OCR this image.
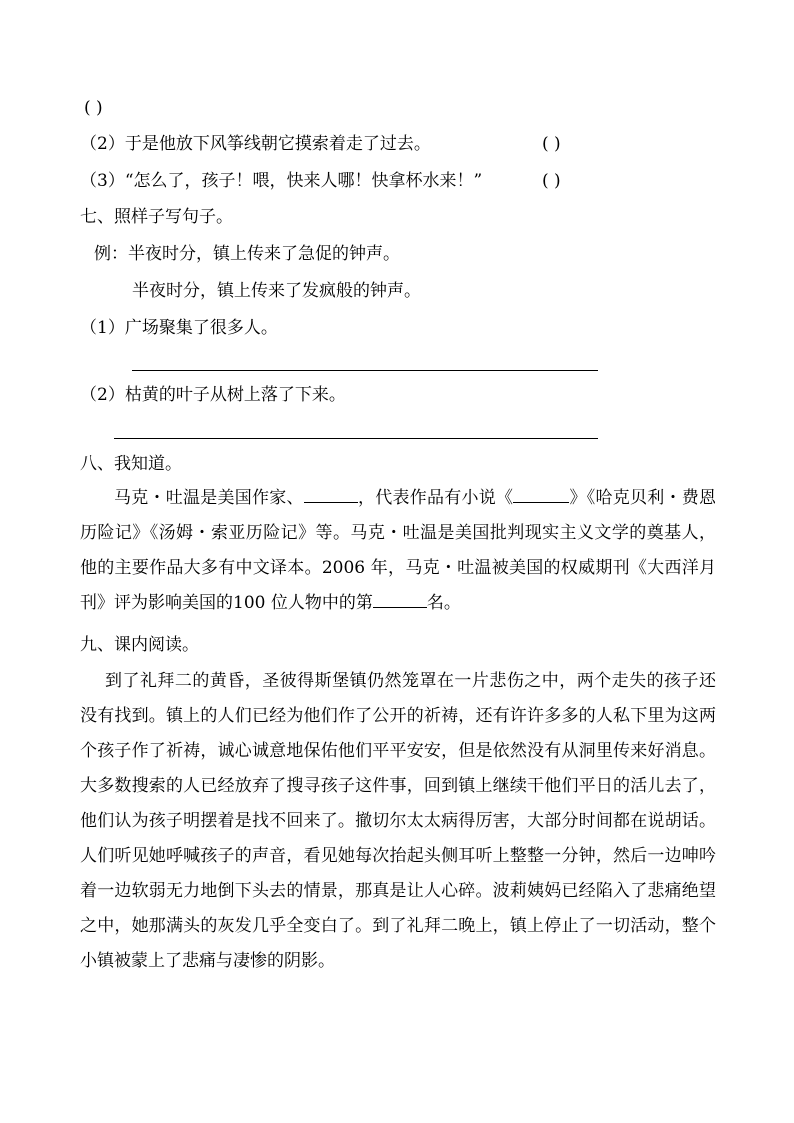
( )
（2）于是他放下风筝线朝它摸索着走了过去。	( )
（3）“怎么了，孩子！喂，快来人哪！快拿杯水来！”	( )
七、照样子写句子。
例：半夜时分，镇上传来了急促的钟声。
半夜时分，镇上传来了发疯般的钟声。
（1）广场聚集了很多人。
（2）枯黄的叶子从树上落了下来。
八、我知道。
马克・吐温是美国作家、	，代表作品有小说《	》《哈克贝利・费恩历险记》《汤姆・索亚历险记》等。马克・吐温是美国批判现实主义文学的奠基人，他的主要作品大多有中文译本。2006 年，马克・吐温被美国的权威期刊《大西洋月刊》评为影响美国的100 位人物中的第	名。
九、课内阅读。
到了礼拜二的黄昏，圣彼得斯堡镇仍然笼罩在一片悲伤之中，两个走失的孩子还没有找到。镇上的人们已经为他们作了公开的祈祷，还有许许多多的人私下里为这两个孩子作了祈祷，诚心诚意地保佑他们平平安安，但是依然没有从洞里传来好消息。大多数搜索的人已经放弃了搜寻孩子这件事，回到镇上继续干他们平日的活儿去了，他们认为孩子明摆着是找不回来了。撤切尔太太病得厉害，大部分时间都在说胡话。人们听见她呼喊孩子的声音，看见她每次抬起头侧耳听上整整一分钟，然后一边呻吟着一边软弱无力地倒下头去的情景，那真是让人心碎。波莉姨妈已经陷入了悲痛绝望之中，她那满头的灰发几乎全变白了。到了礼拜二晚上，镇上停止了一切活动，整个小镇被蒙上了悲痛与凄惨的阴影。
